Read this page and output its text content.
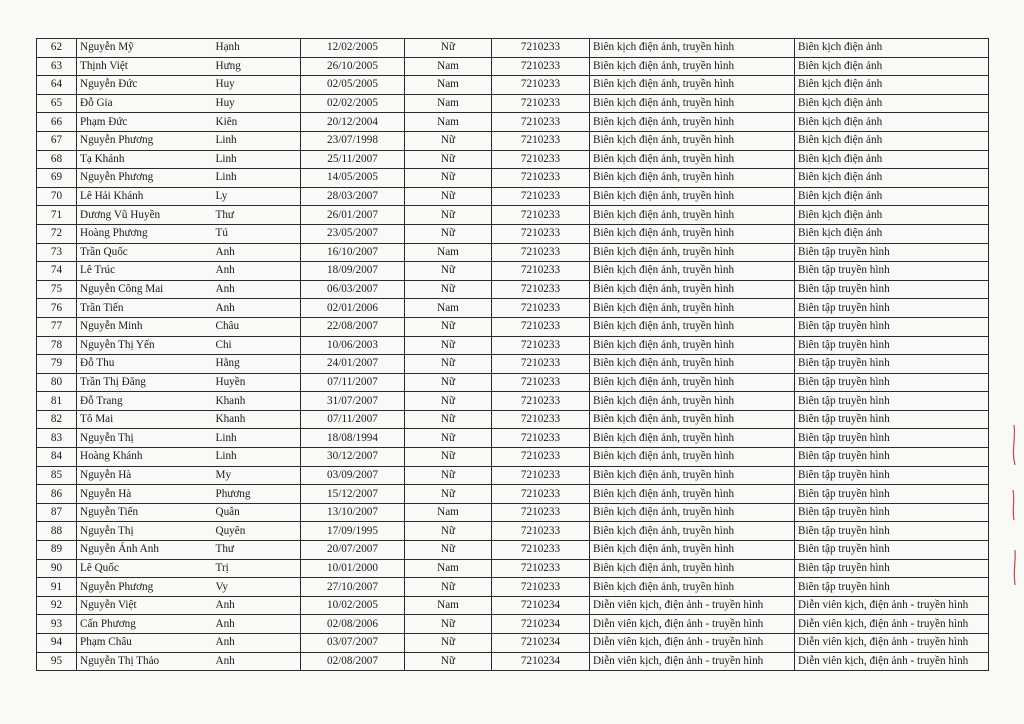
62	Nguyễn Mỹ	Hạnh	12/02/2005	Nữ	7210233	Biên kịch điện ảnh, truyền hình	Biên kịch điện ảnh
63	Thịnh Việt	Hưng	26/10/2005	Nam	7210233	Biên kịch điện ảnh, truyền hình	Biên kịch điện ảnh
64	Nguyễn Đức	Huy	02/05/2005	Nam	7210233	Biên kịch điện ảnh, truyền hình	Biên kịch điện ảnh
65	Đỗ Gia	Huy	02/02/2005	Nam	7210233	Biên kịch điện ảnh, truyền hình	Biên kịch điện ảnh
66	Phạm Đức	Kiên	20/12/2004	Nam	7210233	Biên kịch điện ảnh, truyền hình	Biên kịch điện ảnh
67	Nguyễn Phương	Linh	23/07/1998	Nữ	7210233	Biên kịch điện ảnh, truyền hình	Biên kịch điện ảnh
68	Tạ Khánh	Linh	25/11/2007	Nữ	7210233	Biên kịch điện ảnh, truyền hình	Biên kịch điện ảnh
69	Nguyễn Phương	Linh	14/05/2005	Nữ	7210233	Biên kịch điện ảnh, truyền hình	Biên kịch điện ảnh
70	Lê Hải Khánh	Ly	28/03/2007	Nữ	7210233	Biên kịch điện ảnh, truyền hình	Biên kịch điện ảnh
71	Dương Vũ Huyền	Thư	26/01/2007	Nữ	7210233	Biên kịch điện ảnh, truyền hình	Biên kịch điện ảnh
72	Hoàng Phương	Tú	23/05/2007	Nữ	7210233	Biên kịch điện ảnh, truyền hình	Biên kịch điện ảnh
73	Trần Quốc	Anh	16/10/2007	Nam	7210233	Biên kịch điện ảnh, truyền hình	Biên tập truyền hình
74	Lê Trúc	Anh	18/09/2007	Nữ	7210233	Biên kịch điện ảnh, truyền hình	Biên tập truyền hình
75	Nguyễn Công Mai	Anh	06/03/2007	Nữ	7210233	Biên kịch điện ảnh, truyền hình	Biên tập truyền hình
76	Trần Tiến	Anh	02/01/2006	Nam	7210233	Biên kịch điện ảnh, truyền hình	Biên tập truyền hình
77	Nguyễn Minh	Châu	22/08/2007	Nữ	7210233	Biên kịch điện ảnh, truyền hình	Biên tập truyền hình
78	Nguyễn Thị Yến	Chi	10/06/2003	Nữ	7210233	Biên kịch điện ảnh, truyền hình	Biên tập truyền hình
79	Đỗ Thu	Hằng	24/01/2007	Nữ	7210233	Biên kịch điện ảnh, truyền hình	Biên tập truyền hình
80	Trần Thị Đăng	Huyền	07/11/2007	Nữ	7210233	Biên kịch điện ảnh, truyền hình	Biên tập truyền hình
81	Đỗ Trang	Khanh	31/07/2007	Nữ	7210233	Biên kịch điện ảnh, truyền hình	Biên tập truyền hình
82	Tô Mai	Khanh	07/11/2007	Nữ	7210233	Biên kịch điện ảnh, truyền hình	Biên tập truyền hình
83	Nguyễn Thị	Linh	18/08/1994	Nữ	7210233	Biên kịch điện ảnh, truyền hình	Biên tập truyền hình
84	Hoàng Khánh	Linh	30/12/2007	Nữ	7210233	Biên kịch điện ảnh, truyền hình	Biên tập truyền hình
85	Nguyễn Hà	My	03/09/2007	Nữ	7210233	Biên kịch điện ảnh, truyền hình	Biên tập truyền hình
86	Nguyễn Hà	Phương	15/12/2007	Nữ	7210233	Biên kịch điện ảnh, truyền hình	Biên tập truyền hình
87	Nguyễn Tiến	Quân	13/10/2007	Nam	7210233	Biên kịch điện ảnh, truyền hình	Biên tập truyền hình
88	Nguyễn Thị	Quyên	17/09/1995	Nữ	7210233	Biên kịch điện ảnh, truyền hình	Biên tập truyền hình
89	Nguyễn Ánh Anh	Thư	20/07/2007	Nữ	7210233	Biên kịch điện ảnh, truyền hình	Biên tập truyền hình
90	Lê Quốc	Trị	10/01/2000	Nam	7210233	Biên kịch điện ảnh, truyền hình	Biên tập truyền hình
91	Nguyễn Phương	Vy	27/10/2007	Nữ	7210233	Biên kịch điện ảnh, truyền hình	Biên tập truyền hình
92	Nguyễn Việt	Anh	10/02/2005	Nam	7210234	Diễn viên kịch, điện ảnh - truyền hình	Diễn viên kịch, điện ảnh - truyền hình
93	Cấn Phương	Anh	02/08/2006	Nữ	7210234	Diễn viên kịch, điện ảnh - truyền hình	Diễn viên kịch, điện ảnh - truyền hình
94	Phạm Châu	Anh	03/07/2007	Nữ	7210234	Diễn viên kịch, điện ảnh - truyền hình	Diễn viên kịch, điện ảnh - truyền hình
95	Nguyễn Thị Thảo	Anh	02/08/2007	Nữ	7210234	Diễn viên kịch, điện ảnh - truyền hình	Diễn viên kịch, điện ảnh - truyền hình
